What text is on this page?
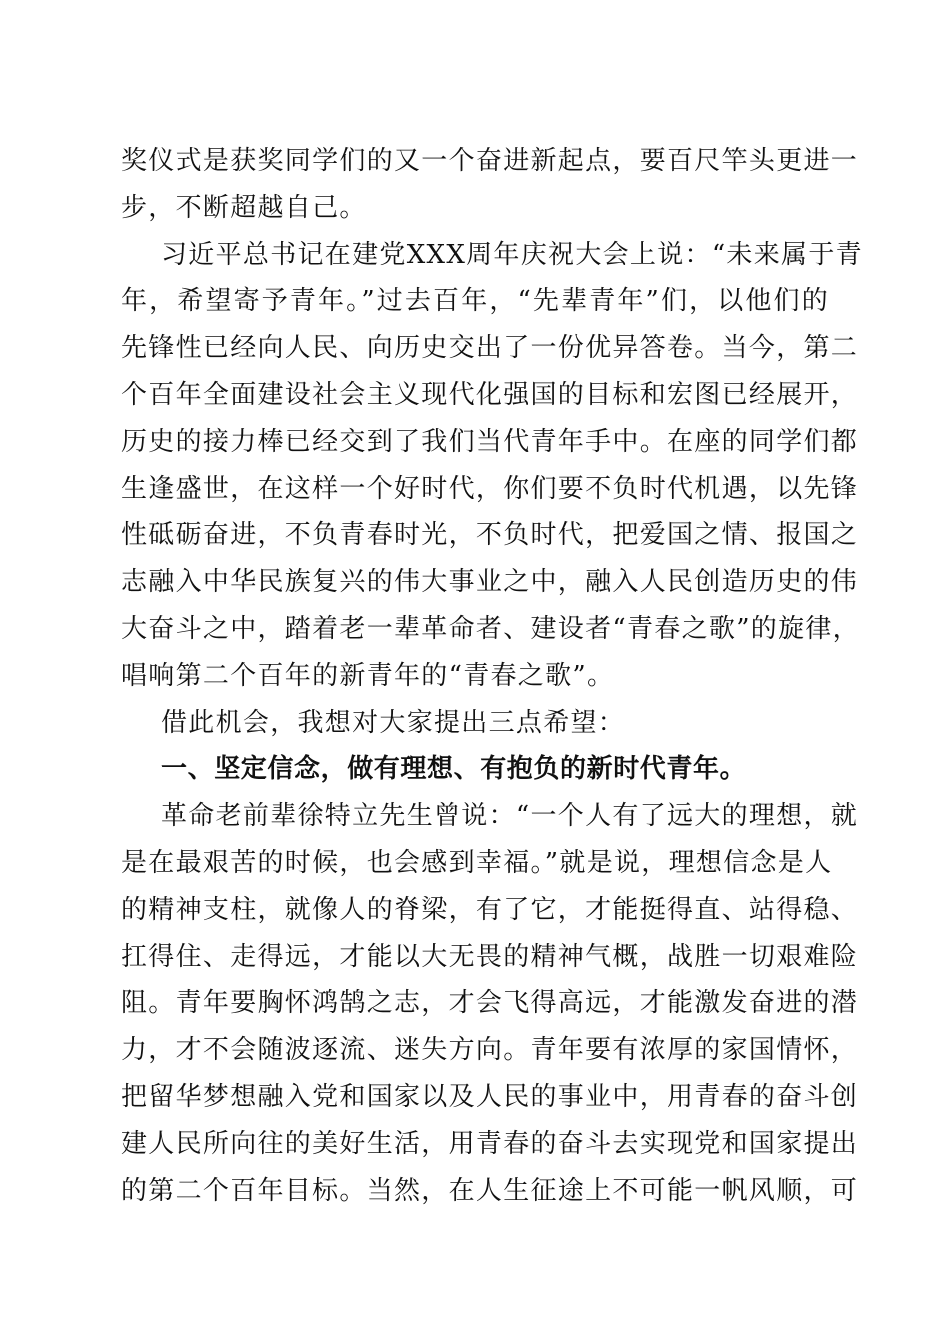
奖仪式是获奖同学们的又一个奋进新起点，要百尺竿头更进一
步，不断超越自己。
习近平总书记在建党XXX周年庆祝大会上说：“未来属于青
年，希望寄予青年。”过去百年，“先辈青年”们，以他们的
先锋性已经向人民、向历史交出了一份优异答卷。当今，第二
个百年全面建设社会主义现代化强国的目标和宏图已经展开，
历史的接力棒已经交到了我们当代青年手中。在座的同学们都
生逢盛世，在这样一个好时代，你们要不负时代机遇，以先锋
性砥砺奋进，不负青春时光，不负时代，把爱国之情、报国之
志融入中华民族复兴的伟大事业之中，融入人民创造历史的伟
大奋斗之中，踏着老一辈革命者、建设者“青春之歌”的旋律，
唱响第二个百年的新青年的“青春之歌”。
借此机会，我想对大家提出三点希望：
一、坚定信念，做有理想、有抱负的新时代青年。
革命老前辈徐特立先生曾说：“一个人有了远大的理想，就
是在最艰苦的时候，也会感到幸福。”就是说，理想信念是人
的精神支柱，就像人的脊梁，有了它，才能挺得直、站得稳、
扛得住、走得远，才能以大无畏的精神气概，战胜一切艰难险
阻。青年要胸怀鸿鹄之志，才会飞得高远，才能激发奋进的潜
力，才不会随波逐流、迷失方向。青年要有浓厚的家国情怀，
把留华梦想融入党和国家以及人民的事业中，用青春的奋斗创
建人民所向往的美好生活，用青春的奋斗去实现党和国家提出
的第二个百年目标。当然，在人生征途上不可能一帆风顺，可
